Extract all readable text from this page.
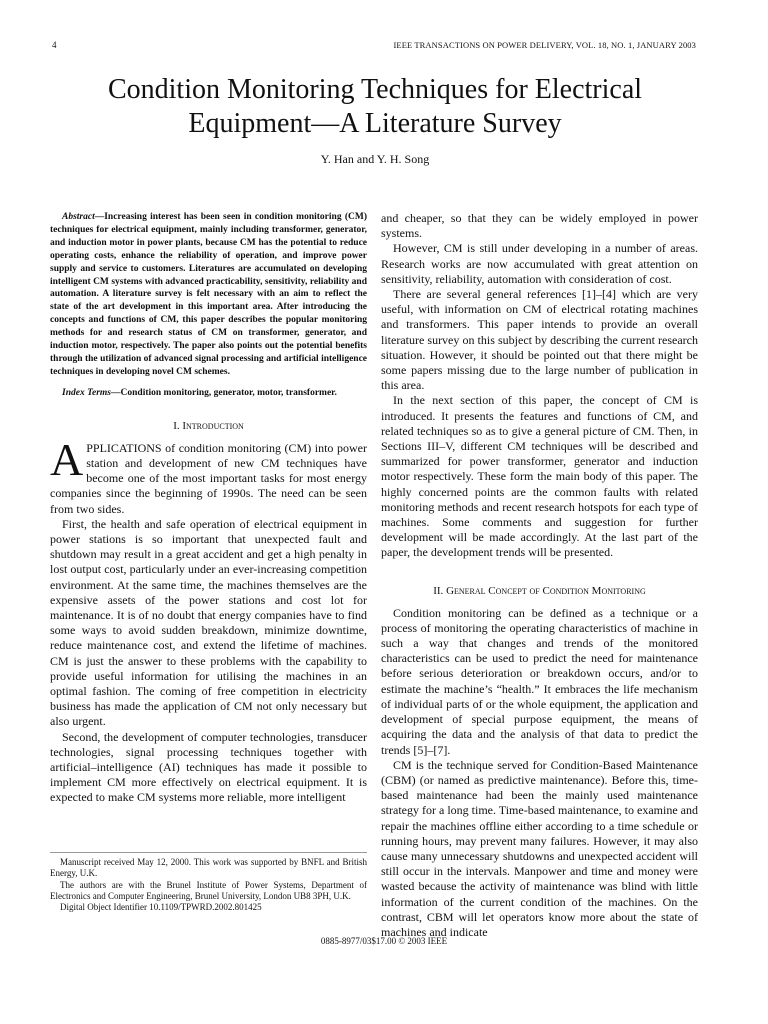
4	IEEE TRANSACTIONS ON POWER DELIVERY, VOL. 18, NO. 1, JANUARY 2003
Condition Monitoring Techniques for Electrical
Equipment—A Literature Survey
Y. Han and Y. H. Song

Abstract—Increasing interest has been seen in condition monitoring (CM) techniques for electrical equipment, mainly including transformer, generator, and induction motor in power plants, because CM has the potential to reduce operating costs, enhance the reliability of operation, and improve power supply and service to customers. Literatures are accumulated on developing intelligent CM systems with advanced practicability, sensitivity, reliability and automation. A literature survey is felt necessary with an aim to reflect the state of the art development in this important area. After introducing the concepts and functions of CM, this paper describes the popular monitoring methods for and research status of CM on transformer, generator, and induction motor, respectively. The paper also points out the potential benefits through the utilization of advanced signal processing and artificial intelligence techniques in developing novel CM schemes.

Index Terms—Condition monitoring, generator, motor, transformer.

I. Introduction

APPLICATIONS of condition monitoring (CM) into power station and development of new CM techniques have become one of the most important tasks for most energy companies since the beginning of 1990s. The need can be seen from two sides.

First, the health and safe operation of electrical equipment in power stations is so important that unexpected fault and shutdown may result in a great accident and get a high penalty in lost output cost, particularly under an ever-increasing competition environment. At the same time, the machines themselves are the expensive assets of the power stations and cost lot for maintenance. It is of no doubt that energy companies have to find some ways to avoid sudden breakdown, minimize downtime, reduce maintenance cost, and extend the lifetime of machines. CM is just the answer to these problems with the capability to provide useful information for utilising the machines in an optimal fashion. The coming of free competition in electricity business has made the application of CM not only necessary but also urgent.

Second, the development of computer technologies, transducer technologies, signal processing techniques together with artificial–intelligence (AI) techniques has made it possible to implement CM more effectively on electrical equipment. It is expected to make CM systems more reliable, more intelligent

Manuscript received May 12, 2000. This work was supported by BNFL and British Energy, U.K.

The authors are with the Brunel Institute of Power Systems, Department of Electronics and Computer Engineering, Brunel University, London UB8 3PH, U.K.

Digital Object Identifier 10.1109/TPWRD.2002.801425

and cheaper, so that they can be widely employed in power systems.

However, CM is still under developing in a number of areas. Research works are now accumulated with great attention on sensitivity, reliability, automation with consideration of cost.

There are several general references [1]–[4] which are very useful, with information on CM of electrical rotating machines and transformers. This paper intends to provide an overall literature survey on this subject by describing the current research situation. However, it should be pointed out that there might be some papers missing due to the large number of publication in this area.

In the next section of this paper, the concept of CM is introduced. It presents the features and functions of CM, and related techniques so as to give a general picture of CM. Then, in Sections III–V, different CM techniques will be described and summarized for power transformer, generator and induction motor respectively. These form the main body of this paper. The highly concerned points are the common faults with related monitoring methods and recent research hotspots for each type of machines. Some comments and suggestion for further development will be made accordingly. At the last part of the paper, the development trends will be presented.

II. General Concept of Condition Monitoring

Condition monitoring can be defined as a technique or a process of monitoring the operating characteristics of machine in such a way that changes and trends of the monitored characteristics can be used to predict the need for maintenance before serious deterioration or breakdown occurs, and/or to estimate the machine’s “health.” It embraces the life mechanism of individual parts of or the whole equipment, the application and development of special purpose equipment, the means of acquiring the data and the analysis of that data to predict the trends [5]–[7].

CM is the technique served for Condition-Based Maintenance (CBM) (or named as predictive maintenance). Before this, time-based maintenance had been the mainly used maintenance strategy for a long time. Time-based maintenance, to examine and repair the machines offline either according to a time schedule or running hours, may prevent many failures. However, it may also cause many unnecessary shutdowns and unexpected accident will still occur in the intervals. Manpower and time and money were wasted because the activity of maintenance was blind with little information of the current condition of the machines. On the contrast, CBM will let operators know more about the state of machines and indicate

0885-8977/03$17.00 © 2003 IEEE
